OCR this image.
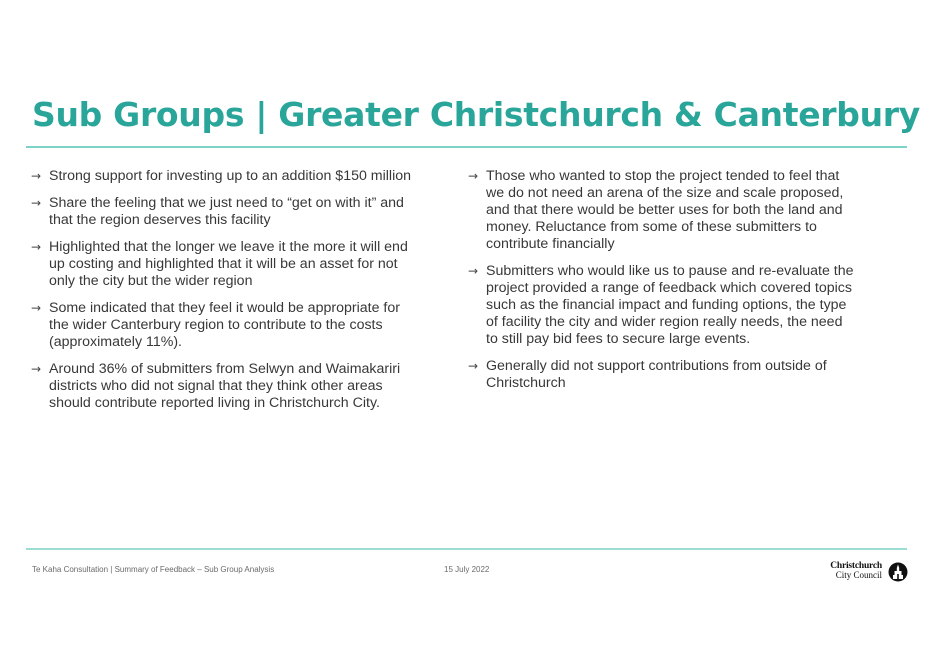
Sub Groups | Greater Christchurch & Canterbury
→ Strong support for investing up to an addition $150 million
→ Share the feeling that we just need to “get on with it” and that the region deserves this facility
→ Highlighted that the longer we leave it the more it will end up costing and highlighted that it will be an asset for not only the city but the wider region
→ Some indicated that they feel it would be appropriate for the wider Canterbury region to contribute to the costs (approximately 11%).
→ Around 36% of submitters from Selwyn and Waimakariri districts who did not signal that they think other areas should contribute reported living in Christchurch City.
→ Those who wanted to stop the project tended to feel that we do not need an arena of the size and scale proposed, and that there would be better uses for both the land and money. Reluctance from some of these submitters to contribute financially
→ Submitters who would like us to pause and re-evaluate the project provided a range of feedback which covered topics such as the financial impact and funding options, the type of facility the city and wider region really needs, the need to still pay bid fees to secure large events.
→ Generally did not support contributions from outside of Christchurch
Te Kaha Consultation | Summary of Feedback – Sub Group Analysis	15 July 2022	Christchurch
City Council
